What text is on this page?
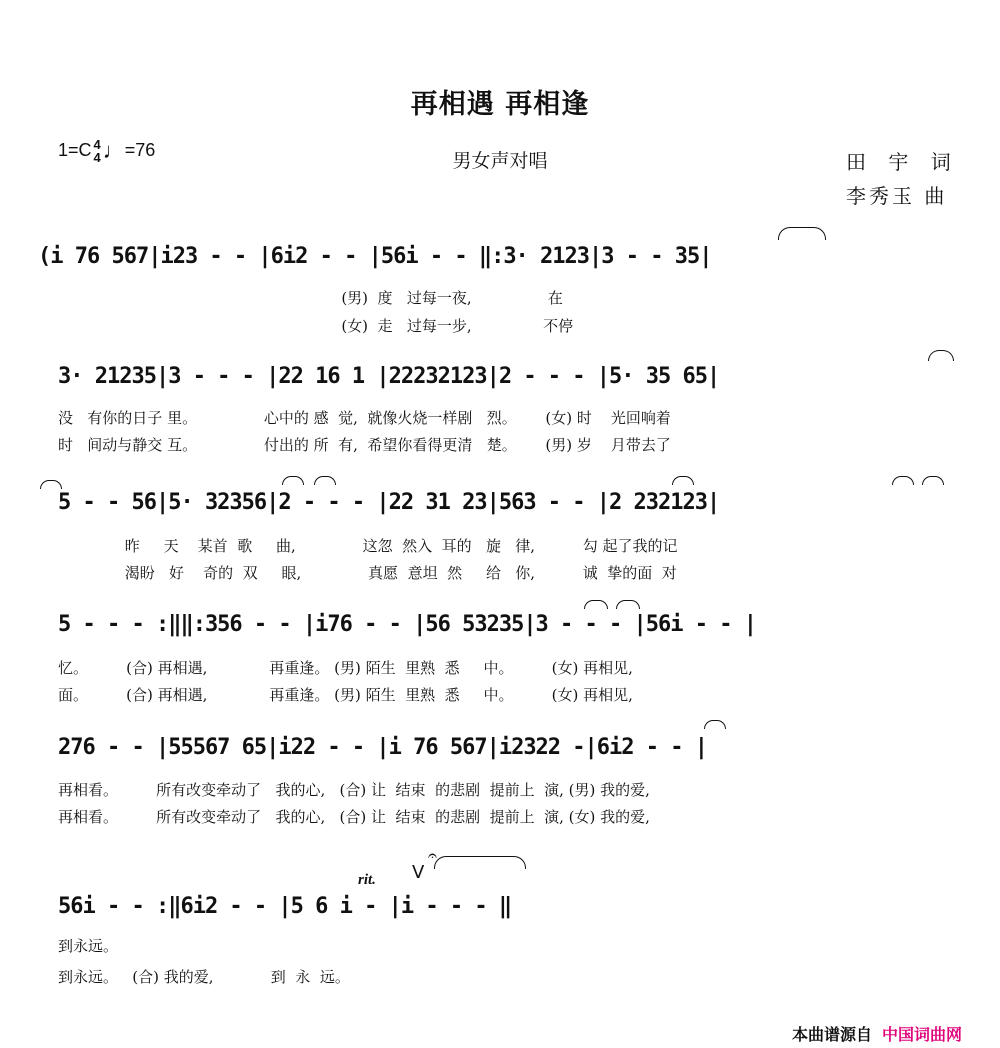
再相遇 再相逢
1=C 4
4♩=76
男女声对唱	田 宇 词
李秀玉 曲
(i 76 567|i23 - - |6i2 - - |56i - - ‖:3· 2123|3 - - 35|
(男)  度   过每一夜,                在
(女)  走   过每一步,               不停
3· 21235|3 - - - |22 16 1 |22232123|2 - - - |5· 35 65|
没   有你的日子 里。              心中的 感  觉,  就像火烧一样剧   烈。      (女) 时    光回响着
时   间动与静交 互。              付出的 所  有,  希望你看得更清   楚。      (男) 岁    月带去了
5 - - 56|5· 32356|2 - - - |22 31 23|563 - - |2 232123|
昨     天    某首  歌     曲,              这忽  然入  耳的   旋   律,          勾 起了我的记
渴盼   好    奇的  双     眼,              真愿  意坦  然     给   你,          诚  挚的面  对
5 - - - :‖‖:356 - - |i76 - - |56 53235|3 - - - |56i - - |
忆。        (合) 再相遇,             再重逢。 (男) 陌生  里熟  悉     中。        (女) 再相见,
面。        (合) 再相遇,             再重逢。 (男) 陌生  里熟  悉     中。        (女) 再相见,
276 - - |55567 65|i22 - - |i 76 567|i2322 -|6i2 - - |
再相看。        所有改变牵动了   我的心,   (合) 让  结束  的悲剧  提前上  演, (男) 我的爱,
再相看。        所有改变牵动了   我的心,   (合) 让  结束  的悲剧  提前上  演, (女) 我的爱,
rit. V
𝄐
56i - - :‖6i2 - - |5 6 i - |i - - - ‖
到永远。
到永远。   (合) 我的爱,            到  永  远。
本曲谱源自 中国词曲网
